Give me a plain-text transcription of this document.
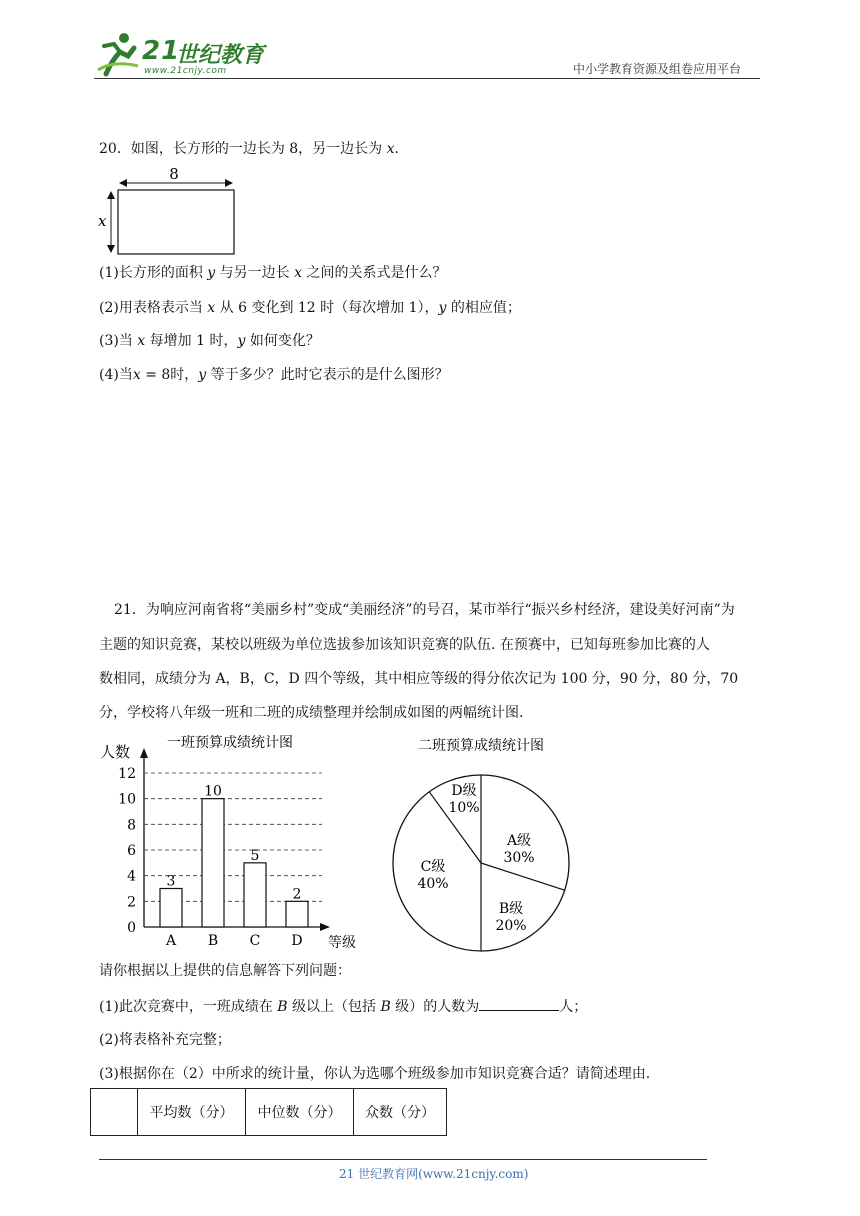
21
世纪教育
www.21cnjy.com	中小学教育资源及组卷应用平台
20．如图，长方形的一边长为 8，另一边长为 x.
8
x
(1)长方形的面积 y 与另一边长 x 之间的关系式是什么？
(2)用表格表示当 x 从 6 变化到 12 时（每次增加 1），y 的相应值；
(3)当 x 每增加 1 时，y 如何变化？
(4)当x = 8时，y 等于多少？此时它表示的是什么图形？
21．为响应河南省将“美丽乡村”变成“美丽经济”的号召，某市举行“振兴乡村经济，建设美好河南”为
主题的知识竞赛，某校以班级为单位选拔参加该知识竞赛的队伍. 在预赛中，已知每班参加比赛的人
数相同，成绩分为 A，B，C，D 四个等级，其中相应等级的得分依次记为 100 分，90 分，80 分，70
分，学校将八年级一班和二班的成绩整理并绘制成如图的两幅统计图.
一班预算成绩统计图
人数
等级
0
2
4
6
8
10
12
3
A
10
B
5
C
2
D
二班预算成绩统计图
A级
30%
B级
20%
C级
40%
D级
10%
请你根据以上提供的信息解答下列问题：
(1)此次竞赛中，一班成绩在 B 级以上（包括 B 级）的人数为	人；
(2)将表格补充完整；
(3)根据你在（2）中所求的统计量，你认为选哪个班级参加市知识竞赛合适？请简述理由.
	平均数（分）	中位数（分）	众数（分）
21 世纪教育网(www.21cnjy.com)
